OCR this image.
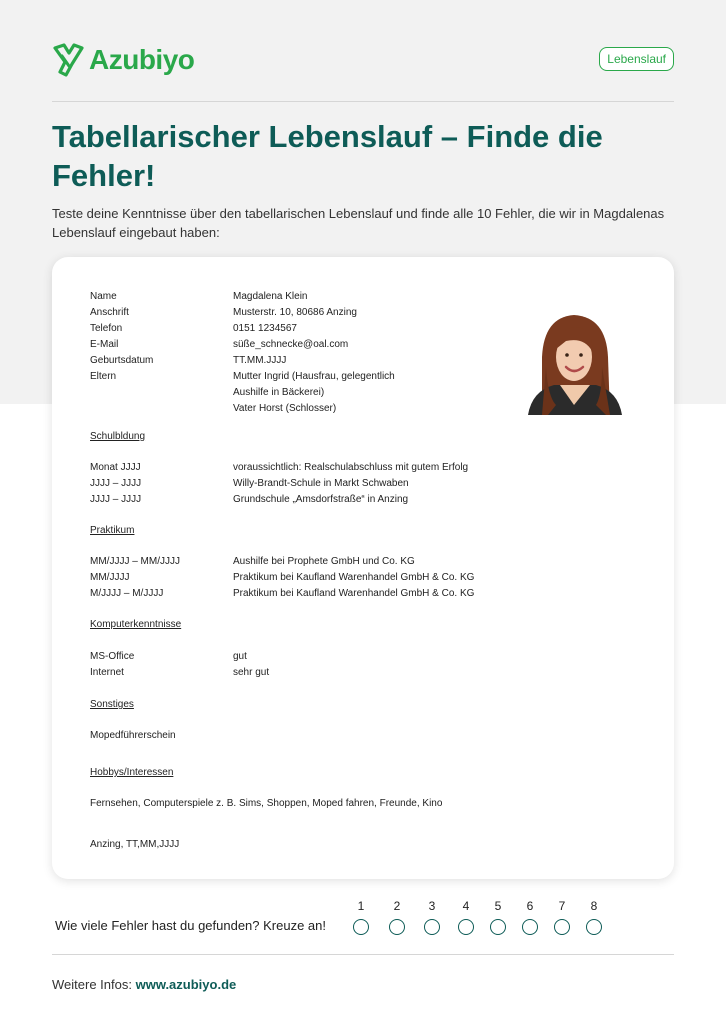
Azubiyo	Lebenslauf
Tabellarischer Lebenslauf – Finde die Fehler!

Teste deine Kenntnisse über den tabellarischen Lebenslauf und finde alle 10 Fehler, die wir in Magdalenas Lebenslauf eingebaut haben:

Name	Magdalena Klein
Anschrift	Musterstr. 10, 80686 Anzing
Telefon	0151 1234567
E-Mail	süße_schnecke@oal.com
Geburtsdatum	TT.MM.JJJJ
Eltern	Mutter Ingrid (Hausfrau, gelegentlich
Aushilfe in Bäckerei)
Vater Horst (Schlosser)
Schulbldung
Monat JJJJ	voraussichtlich: Realschulabschluss mit gutem Erfolg
JJJJ – JJJJ	Willy-Brandt-Schule in Markt Schwaben
JJJJ – JJJJ	Grundschule „Amsdorfstraße“ in Anzing
Praktikum
MM/JJJJ – MM/JJJJ	Aushilfe bei Prophete GmbH und Co. KG
MM/JJJJ	Praktikum bei Kaufland Warenhandel GmbH & Co. KG
M/JJJJ – M/JJJJ	Praktikum bei Kaufland Warenhandel GmbH & Co. KG
Komputerkenntnisse
MS-Office	gut
Internet	sehr gut
Sonstiges
Mopedführerschein
Hobbys/Interessen
Fernsehen, Computerspiele z. B. Sims, Shoppen, Moped fahren, Freunde, Kino
Anzing, TT,MM,JJJJ
Wie viele Fehler hast du gefunden? Kreuze an!
1	2	3	4	5	6	7	8
Weitere Infos: www.azubiyo.de
